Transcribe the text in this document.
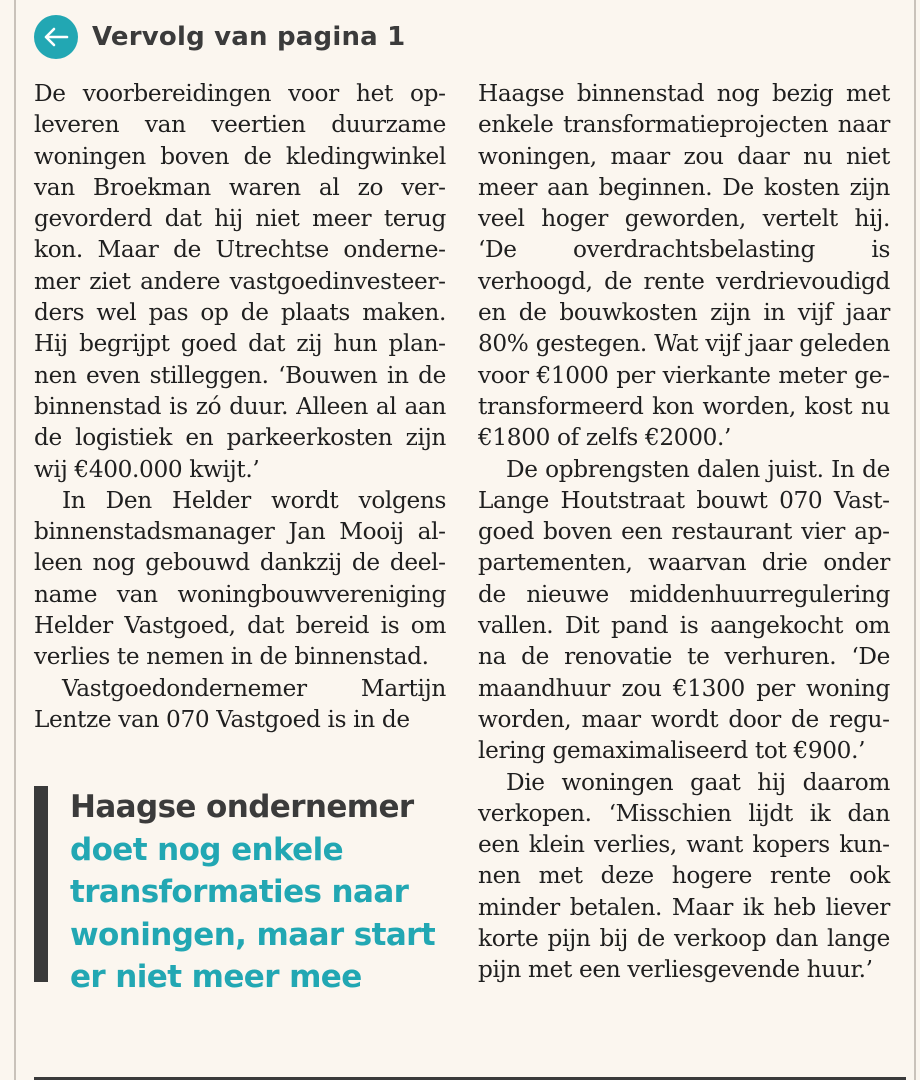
Vervolg van pagina 1

De voorbereidingen voor het opleveren van veertien duurzame woningen boven de kledingwinkel van Broekman waren al zo vergevorderd dat hij niet meer terug kon. Maar de Utrechtse ondernemer ziet andere vastgoedinvesteerders wel pas op de plaats maken. Hij begrijpt goed dat zij hun plannen even stilleggen. ‘Bouwen in de binnenstad is zó duur. Alleen al aan de logistiek en parkeerkosten zijn wij €400.000 kwijt.’

In Den Helder wordt volgens binnenstadsmanager Jan Mooij alleen nog gebouwd dankzij de deelname van woningbouwvereniging Helder Vastgoed, dat bereid is om verlies te nemen in de binnenstad.

Vastgoedondernemer Martijn Lentze van 070 Vastgoed is in de

Haagse ondernemer
doet nog enkele transformaties naar woningen, maar start er niet meer mee

Haagse binnenstad nog bezig met enkele transformatieprojecten naar woningen, maar zou daar nu niet meer aan beginnen. De kosten zijn veel hoger geworden, vertelt hij. ‘De overdrachtsbelasting is verhoogd, de rente verdrievoudigd en de bouwkosten zijn in vijf jaar 80% gestegen. Wat vijf jaar geleden voor €1000 per vierkante meter getransformeerd kon worden, kost nu €1800 of zelfs €2000.’

De opbrengsten dalen juist. In de Lange Houtstraat bouwt 070 Vastgoed boven een restaurant vier appartementen, waarvan drie onder de nieuwe middenhuurregulering vallen. Dit pand is aangekocht om na de renovatie te verhuren. ‘De maandhuur zou €1300 per woning worden, maar wordt door de regulering gemaximaliseerd tot €900.’

Die woningen gaat hij daarom verkopen. ‘Misschien lijdt ik dan een klein verlies, want kopers kunnen met deze hogere rente ook minder betalen. Maar ik heb liever korte pijn bij de verkoop dan lange pijn met een verliesgevende huur.’
